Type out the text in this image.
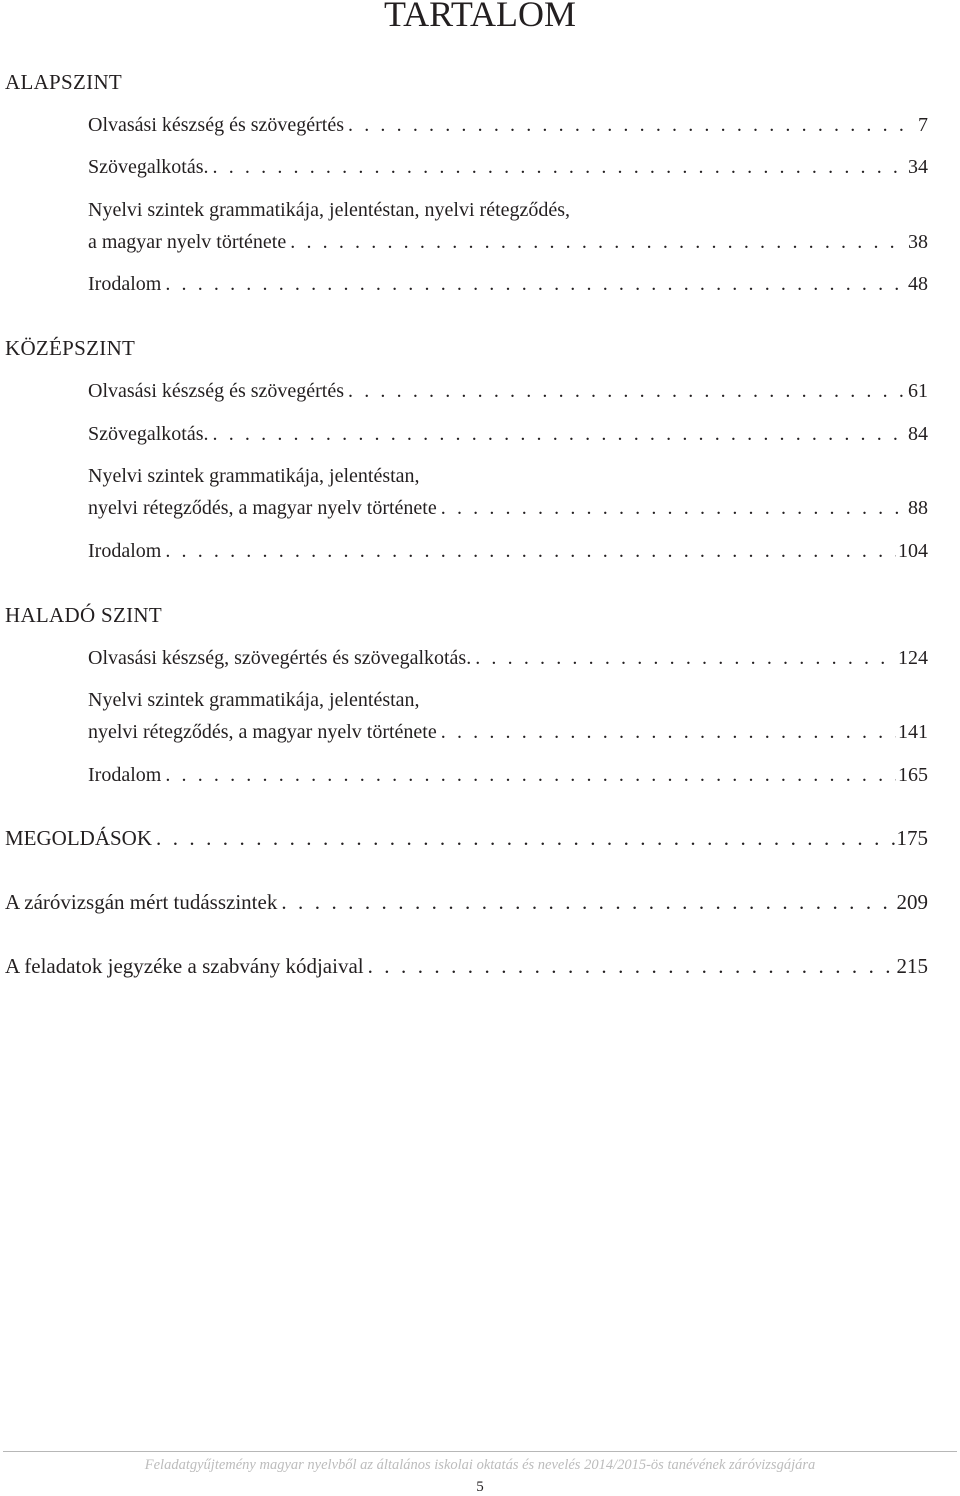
TARTALOM
ALAPSZINT
Olvasási készség és szövegértés . . .	7
Szövegalkotás. . . .	34
Nyelvi szintek grammatikája, jelentéstan, nyelvi rétegződés,
a magyar nyelv története . . .	38
Irodalom . . .	48
KÖZÉPSZINT
Olvasási készség és szövegértés . . .	61
Szövegalkotás. . . .	84
Nyelvi szintek grammatikája, jelentéstan,
nyelvi rétegződés, a magyar nyelv története . . .	88
Irodalom . . .	104
HALADÓ SZINT
Olvasási készség, szövegértés és szövegalkotás. . . .	124
Nyelvi szintek grammatikája, jelentéstan,
nyelvi rétegződés, a magyar nyelv története . . .	141
Irodalom . . .	165
MEGOLDÁSOK . . .	175
A záróvizsgán mért tudásszintek . . .	209
A feladatok jegyzéke a szabvány kódjaival . . .	215
Feladatgyűjtemény magyar nyelvből az általános iskolai oktatás és nevelés 2014/2015-ös tanévének záróvizsgájára
5
